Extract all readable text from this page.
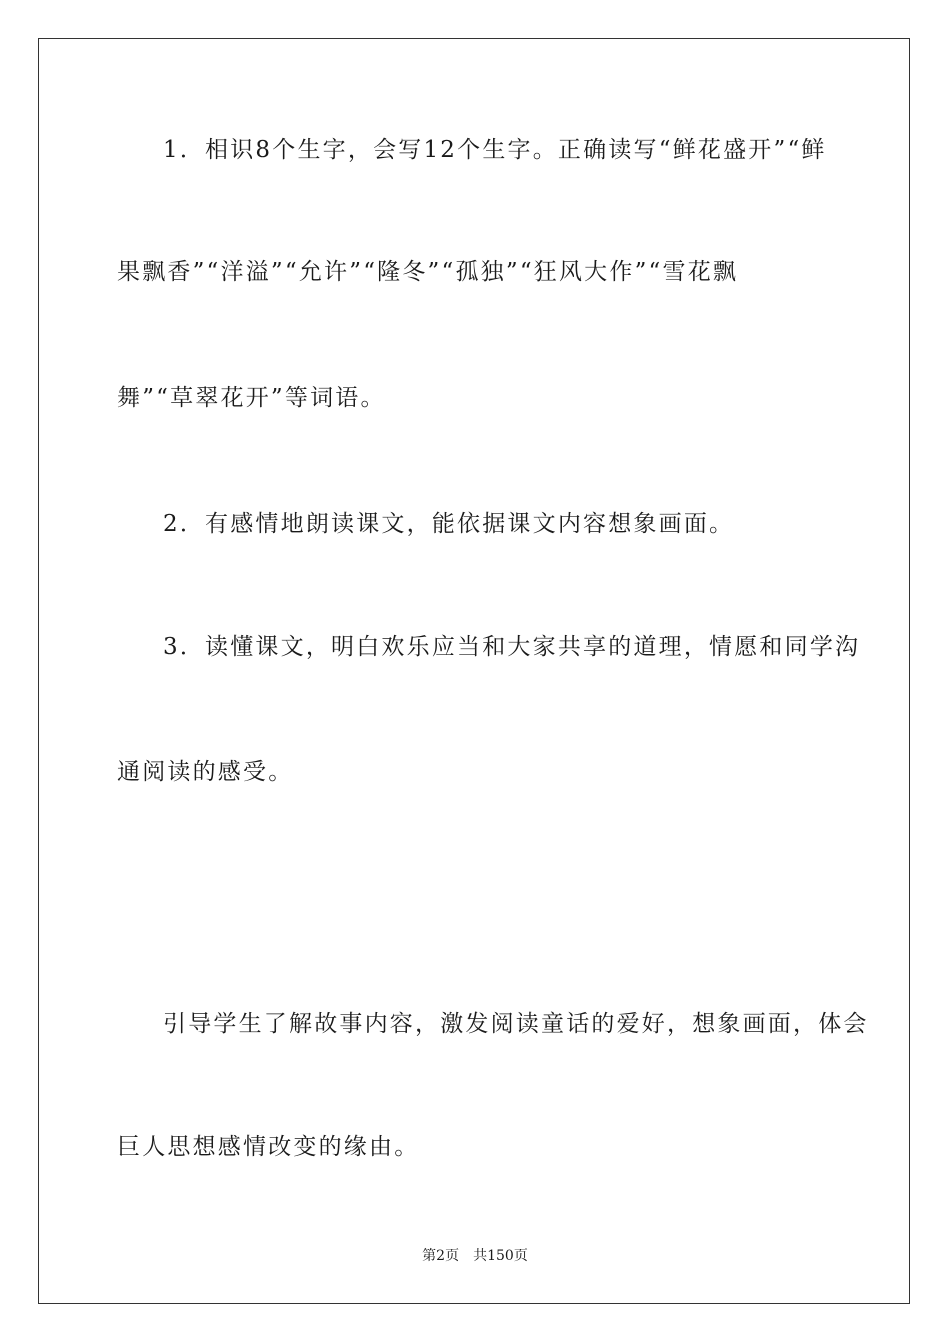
1．相识8个生字，会写12个生字。正确读写“鲜花盛开”“鲜
果飘香”“洋溢”“允许”“隆冬”“孤独”“狂风大作”“雪花飘
舞”“草翠花开”等词语。
2．有感情地朗读课文，能依据课文内容想象画面。
3．读懂课文，明白欢乐应当和大家共享的道理，情愿和同学沟
通阅读的感受。
引导学生了解故事内容，激发阅读童话的爱好，想象画面，体会
巨人思想感情改变的缘由。
第2页 共150页
